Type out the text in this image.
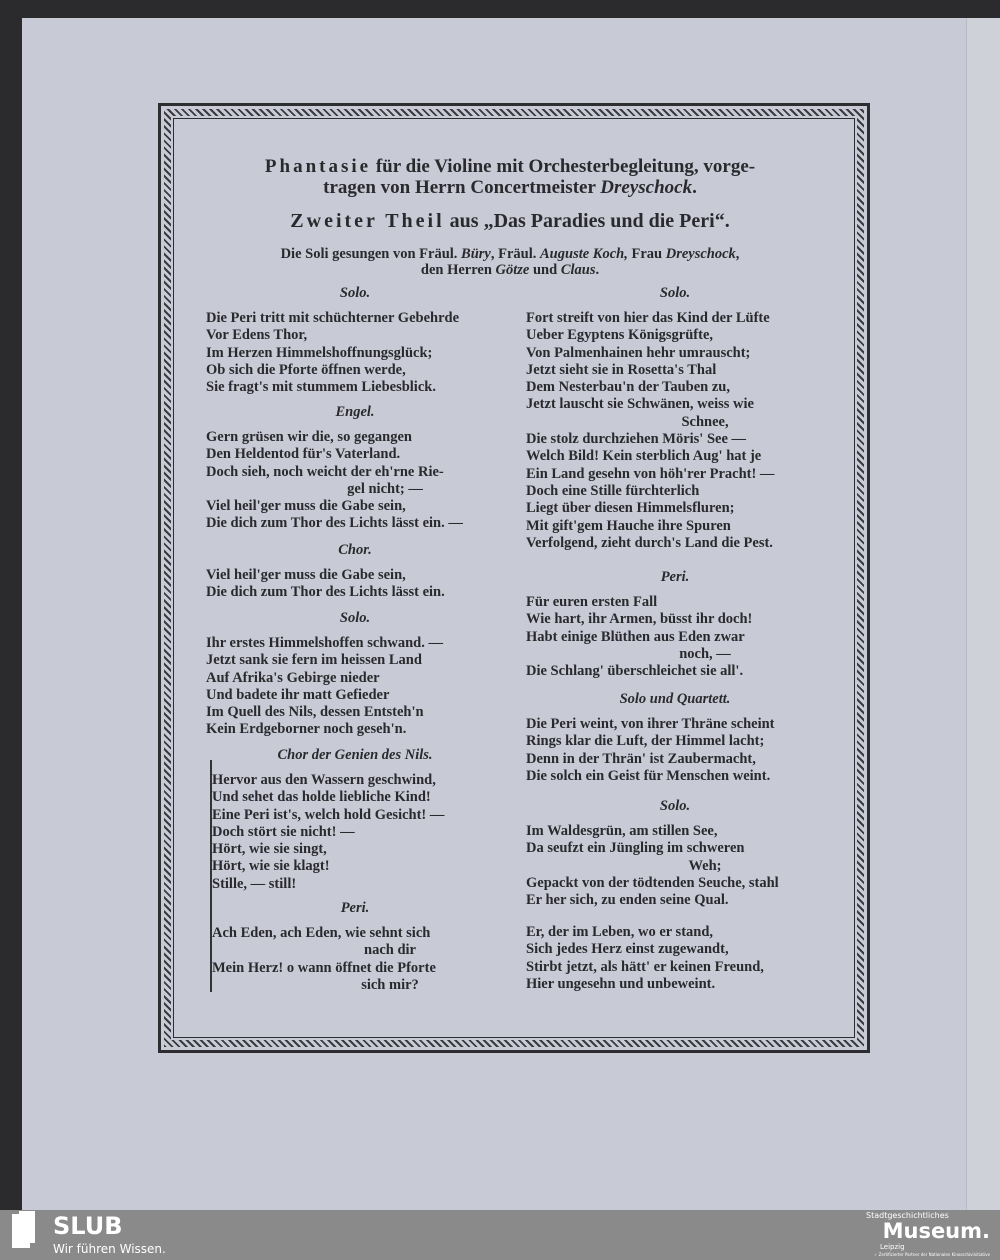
Phantasie für die Violine mit Orchesterbegleitung, vorge-
tragen von Herrn Concertmeister Dreyschock.
Zweiter Theil aus „Das Paradies und die Peri“.
Die Soli gesungen von Fräul. Büry, Fräul. Auguste Koch, Frau Dreyschock,
den Herren Götze und Claus.
Solo.
Die Peri tritt mit schüchterner Gebehrde
Vor Edens Thor,
Im Herzen Himmelshoffnungsglück;
Ob sich die Pforte öffnen werde,
Sie fragt's mit stummem Liebesblick.
Engel.
Gern grüsen wir die, so gegangen
Den Heldentod für's Vaterland.
Doch sieh, noch weicht der eh'rne Rie-
gel nicht; —
Viel heil'ger muss die Gabe sein,
Die dich zum Thor des Lichts lässt ein. —
Chor.
Viel heil'ger muss die Gabe sein,
Die dich zum Thor des Lichts lässt ein.
Solo.
Ihr erstes Himmelshoffen schwand. —
Jetzt sank sie fern im heissen Land
Auf Afrika's Gebirge nieder
Und badete ihr matt Gefieder
Im Quell des Nils, dessen Entsteh'n
Kein Erdgeborner noch geseh'n.
Chor der Genien des Nils.
Hervor aus den Wassern geschwind,
Und sehet das holde liebliche Kind!
Eine Peri ist's, welch hold Gesicht! —
Doch stört sie nicht! —
Hört, wie sie singt,
Hört, wie sie klagt!
Stille, — still!
Peri.
Ach Eden, ach Eden, wie sehnt sich
nach dir
Mein Herz! o wann öffnet die Pforte
sich mir?
Solo.
Fort streift von hier das Kind der Lüfte
Ueber Egyptens Königsgrüfte,
Von Palmenhainen hehr umrauscht;
Jetzt sieht sie in Rosetta's Thal
Dem Nesterbau'n der Tauben zu,
Jetzt lauscht sie Schwänen, weiss wie
Schnee,
Die stolz durchziehen Möris' See —
Welch Bild! Kein sterblich Aug' hat je
Ein Land gesehn von höh'rer Pracht! —
Doch eine Stille fürchterlich
Liegt über diesen Himmelsfluren;
Mit gift'gem Hauche ihre Spuren
Verfolgend, zieht durch's Land die Pest.
Peri.
Für euren ersten Fall
Wie hart, ihr Armen, büsst ihr doch!
Habt einige Blüthen aus Eden zwar
noch, —
Die Schlang' überschleichet sie all'.
Solo und Quartett.
Die Peri weint, von ihrer Thräne scheint
Rings klar die Luft, der Himmel lacht;
Denn in der Thrän' ist Zaubermacht,
Die solch ein Geist für Menschen weint.
Solo.
Im Waldesgrün, am stillen See,
Da seufzt ein Jüngling im schweren
Weh;
Gepackt von der tödtenden Seuche, stahl
Er her sich, zu enden seine Qual.
Er, der im Leben, wo er stand,
Sich jedes Herz einst zugewandt,
Stirbt jetzt, als hätt' er keinen Freund,
Hier ungesehn und unbeweint.
SLUB
Wir führen Wissen.
Stadtgeschichtliches
Museum.
Leipzig
✓ Zertifizierter Partner der Nationalen Kinoarchivinitiative
